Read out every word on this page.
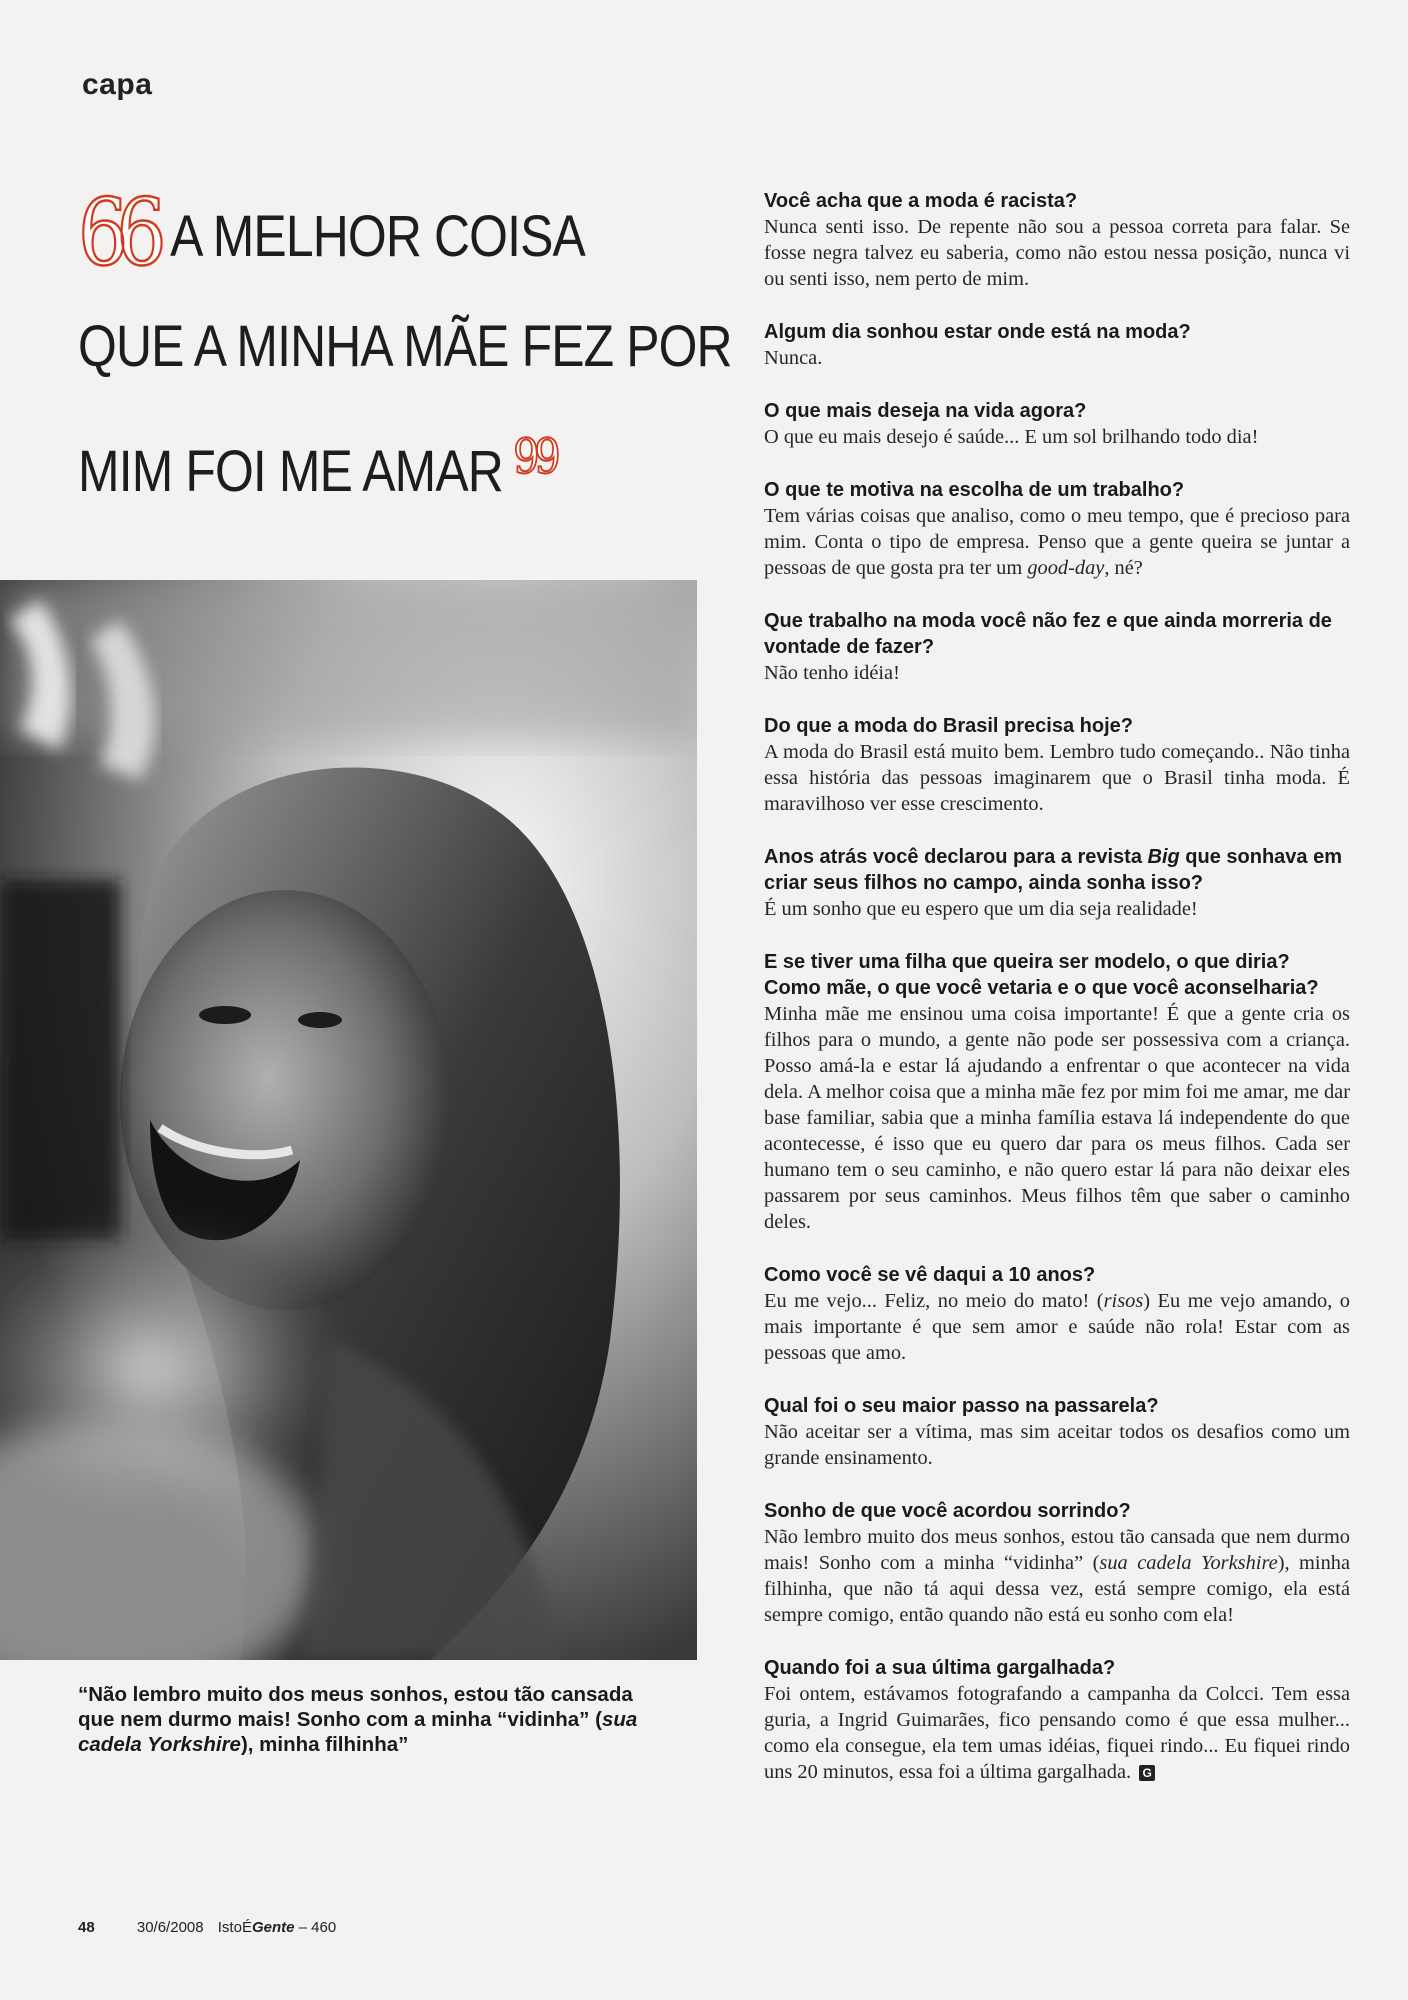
capa
66 A MELHOR COISA
QUE A MINHA MÃE FEZ POR
MIM FOI ME AMAR $^{99}$

“Não lembro muito dos meus sonhos, estou tão cansada que nem durmo mais! Sonho com a minha “vidinha” (sua cadela Yorkshire), minha filhinha”

Você acha que a moda é racista?

Nunca senti isso. De repente não sou a pessoa correta para falar. Se fosse negra talvez eu saberia, como não estou nessa posição, nunca vi ou senti isso, nem perto de mim.

Algum dia sonhou estar onde está na moda?

Nunca.

O que mais deseja na vida agora?

O que eu mais desejo é saúde... E um sol brilhando todo dia!

O que te motiva na escolha de um trabalho?

Tem várias coisas que analiso, como o meu tempo, que é precioso para mim. Conta o tipo de empresa. Penso que a gente queira se juntar a pessoas de que gosta pra ter um good-day, né?

Que trabalho na moda você não fez e que ainda morreria de vontade de fazer?

Não tenho idéia!

Do que a moda do Brasil precisa hoje?

A moda do Brasil está muito bem. Lembro tudo começando.. Não tinha essa história das pessoas imaginarem que o Brasil tinha moda. É maravilhoso ver esse crescimento.

Anos atrás você declarou para a revista Big que sonhava em criar seus filhos no campo, ainda sonha isso?

É um sonho que eu espero que um dia seja realidade!

E se tiver uma filha que queira ser modelo, o que diria? Como mãe, o que você vetaria e o que você aconselharia?

Minha mãe me ensinou uma coisa importante! É que a gente cria os filhos para o mundo, a gente não pode ser possessiva com a criança. Posso amá-la e estar lá ajudando a enfrentar o que acontecer na vida dela. A melhor coisa que a minha mãe fez por mim foi me amar, me dar base familiar, sabia que a minha família estava lá independente do que acontecesse, é isso que eu quero dar para os meus filhos. Cada ser humano tem o seu caminho, e não quero estar lá para não deixar eles passarem por seus caminhos. Meus filhos têm que saber o caminho deles.

Como você se vê daqui a 10 anos?

Eu me vejo... Feliz, no meio do mato! (risos) Eu me vejo amando, o mais importante é que sem amor e saúde não rola! Estar com as pessoas que amo.

Qual foi o seu maior passo na passarela?

Não aceitar ser a vítima, mas sim aceitar todos os desafios como um grande ensinamento.

Sonho de que você acordou sorrindo?

Não lembro muito dos meus sonhos, estou tão cansada que nem durmo mais! Sonho com a minha “vidinha” (sua cadela Yorkshire), minha filhinha, que não tá aqui dessa vez, está sempre comigo, ela está sempre comigo, então quando não está eu sonho com ela!

Quando foi a sua última gargalhada?

Foi ontem, estávamos fotografando a campanha da Colcci. Tem essa guria, a Ingrid Guimarães, fico pensando como é que essa mulher... como ela consegue, ela tem umas idéias, fiquei rindo... Eu fiquei rindo uns 20 minutos, essa foi a última gargalhada. G

48	30/6/2008 IstoÉGente – 460
